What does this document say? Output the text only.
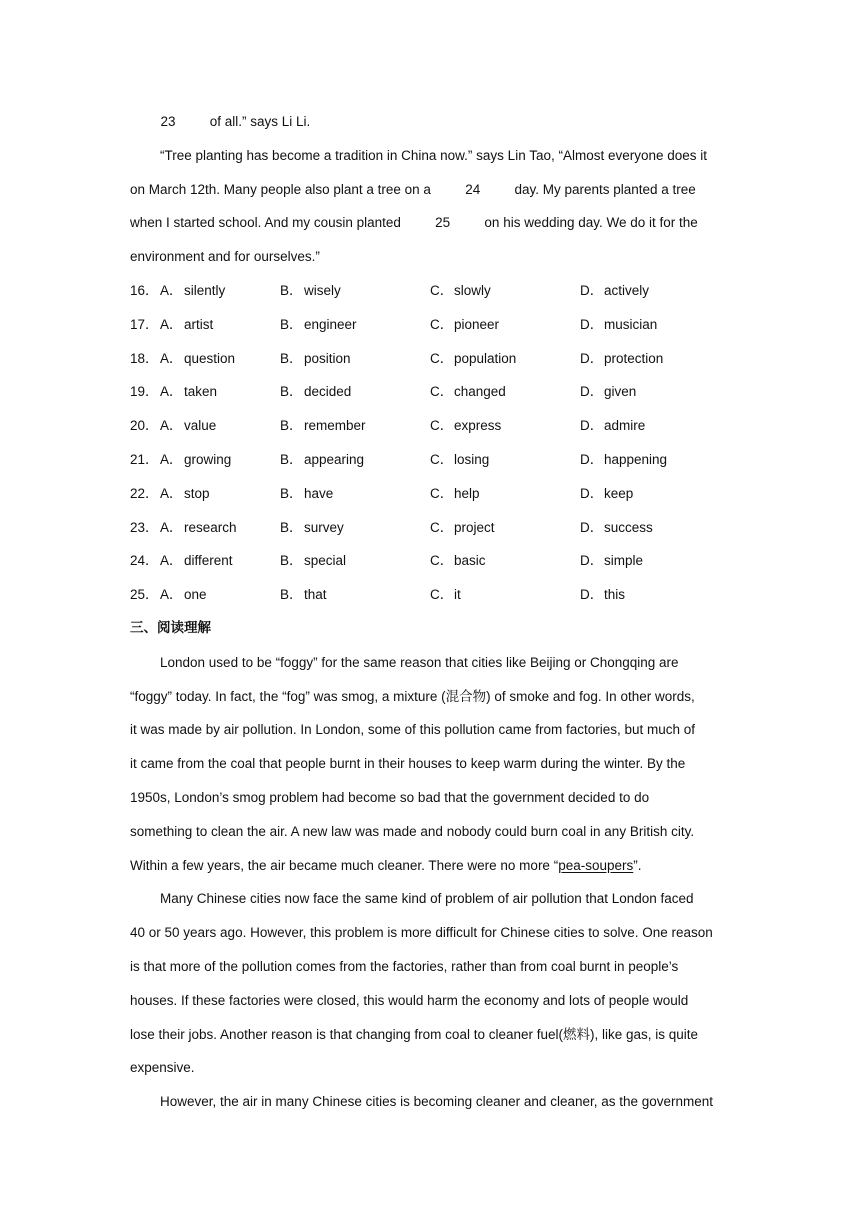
23 of all.” says Li Li.
“Tree planting has become a tradition in China now.” says Lin Tao, “Almost everyone does it
on March 12th. Many people also plant a tree on a 24 day. My parents planted a tree
when I started school. And my cousin planted 25 on his wedding day. We do it for the
environment and for ourselves.”
16． A．silently	B．wisely	C．slowly	D．actively
17． A．artist	B．engineer	C．pioneer	D．musician
18． A．question	B．position	C．population	D．protection
19． A．taken	B．decided	C．changed	D．given
20． A．value	B．remember	C．express	D．admire
21． A．growing	B．appearing	C．losing	D．happening
22． A．stop	B．have	C．help	D．keep
23． A．research	B．survey	C．project	D．success
24． A．different	B．special	C．basic	D．simple
25． A．one	B．that	C．it	D．this
三、阅读理解
London used to be “foggy” for the same reason that cities like Beijing or Chongqing are
“foggy” today. In fact, the “fog” was smog, a mixture (混合物) of smoke and fog. In other words,
it was made by air pollution. In London, some of this pollution came from factories, but much of
it came from the coal that people burnt in their houses to keep warm during the winter. By the
1950s, London’s smog problem had become so bad that the government decided to do
something to clean the air. A new law was made and nobody could burn coal in any British city.
Within a few years, the air became much cleaner. There were no more “pea-soupers”.
Many Chinese cities now face the same kind of problem of air pollution that London faced
40 or 50 years ago. However, this problem is more difficult for Chinese cities to solve. One reason
is that more of the pollution comes from the factories, rather than from coal burnt in people’s
houses. If these factories were closed, this would harm the economy and lots of people would
lose their jobs. Another reason is that changing from coal to cleaner fuel(燃料), like gas, is quite
expensive.
However, the air in many Chinese cities is becoming cleaner and cleaner, as the government
